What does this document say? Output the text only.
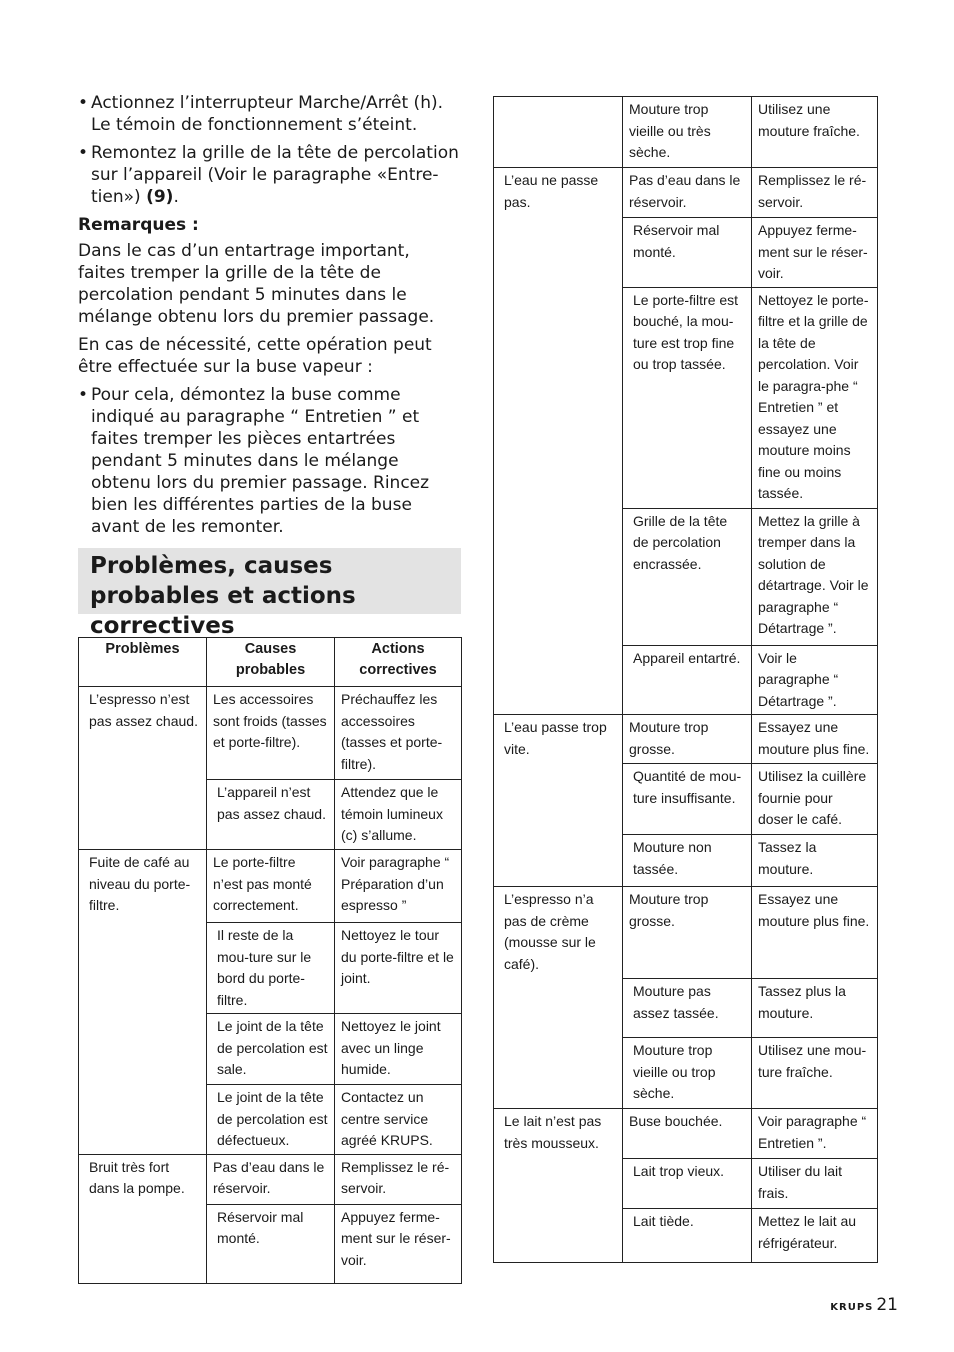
• Actionnez l’interrupteur Marche/Arrêt (h). Le témoin de fonctionnement s’éteint.
• Remontez la grille de la tête de percolation sur l’appareil (Voir le paragraphe «Entre-tien») (9).
Remarques :

Dans le cas d’un entartrage important, faites tremper la grille de la tête de percolation pendant 5 minutes dans le mélange obtenu lors du premier passage.

En cas de nécessité, cette opération peut être effectuée sur la buse vapeur :

• Pour cela, démontez la buse comme indiqué au paragraphe “ Entretien ” et faites tremper les pièces entartrées pendant 5 minutes dans le mélange obtenu lors du premier passage. Rincez bien les différentes parties de la buse avant de les remonter.
Problèmes, causes probables et actions correctives
Problèmes	Causes probables	Actions correctives
L’espresso n’est pas assez chaud.	Les accessoires sont froids (tasses et porte-filtre).	Préchauffez les accessoires (tasses et porte-filtre).
	L’appareil n’est pas assez chaud.	Attendez que le témoin lumineux (c) s’allume.
Fuite de café au niveau du porte-filtre.	Le porte-filtre n’est pas monté correctement.	Voir paragraphe “ Préparation d’un espresso ”
	Il reste de la mou-ture sur le bord du porte-filtre.	Nettoyez le tour du porte-filtre et le joint.
	Le joint de la tête de percolation est sale.	Nettoyez le joint avec un linge humide.
	Le joint de la tête de percolation est défectueux.	Contactez un centre service agréé KRUPS.
Bruit très fort dans la pompe.	Pas d’eau dans le réservoir.	Remplissez le ré-servoir.
	Réservoir mal monté.	Appuyez ferme-ment sur le réser-voir.
	Mouture trop vieille ou très sèche.	Utilisez une mouture fraîche.
L’eau ne passe pas.	Pas d’eau dans le réservoir.	Remplissez le ré-servoir.
	Réservoir mal monté.	Appuyez ferme-ment sur le réser-voir.
	Le porte-filtre est bouché, la mou-ture est trop fine ou trop tassée.	Nettoyez le porte-filtre et la grille de la tête de percolation. Voir le paragra-phe “ Entretien ” et essayez une mouture moins fine ou moins tassée.
	Grille de la tête de percolation encrassée.	Mettez la grille à tremper dans la solution de détartrage. Voir le paragraphe “ Détartrage ”.
	Appareil entartré.	Voir le paragraphe “ Détartrage ”.
L’eau passe trop vite.	Mouture trop grosse.	Essayez une mouture plus fine.
	Quantité de mou-ture insuffisante.	Utilisez la cuillère fournie pour doser le café.
	Mouture non tassée.	Tassez la mouture.
L’espresso n’a pas de crème (mousse sur le café).	Mouture trop grosse.	Essayez une mouture plus fine.
	Mouture pas assez tassée.	Tassez plus la mouture.
	Mouture trop vieille ou trop sèche.	Utilisez une mou-ture fraîche.
Le lait n’est pas très mousseux.	Buse bouchée.	Voir paragraphe “ Entretien ”.
	Lait trop vieux.	Utiliser du lait frais.
	Lait tiède.	Mettez le lait au réfrigérateur.
KRUPS 21
